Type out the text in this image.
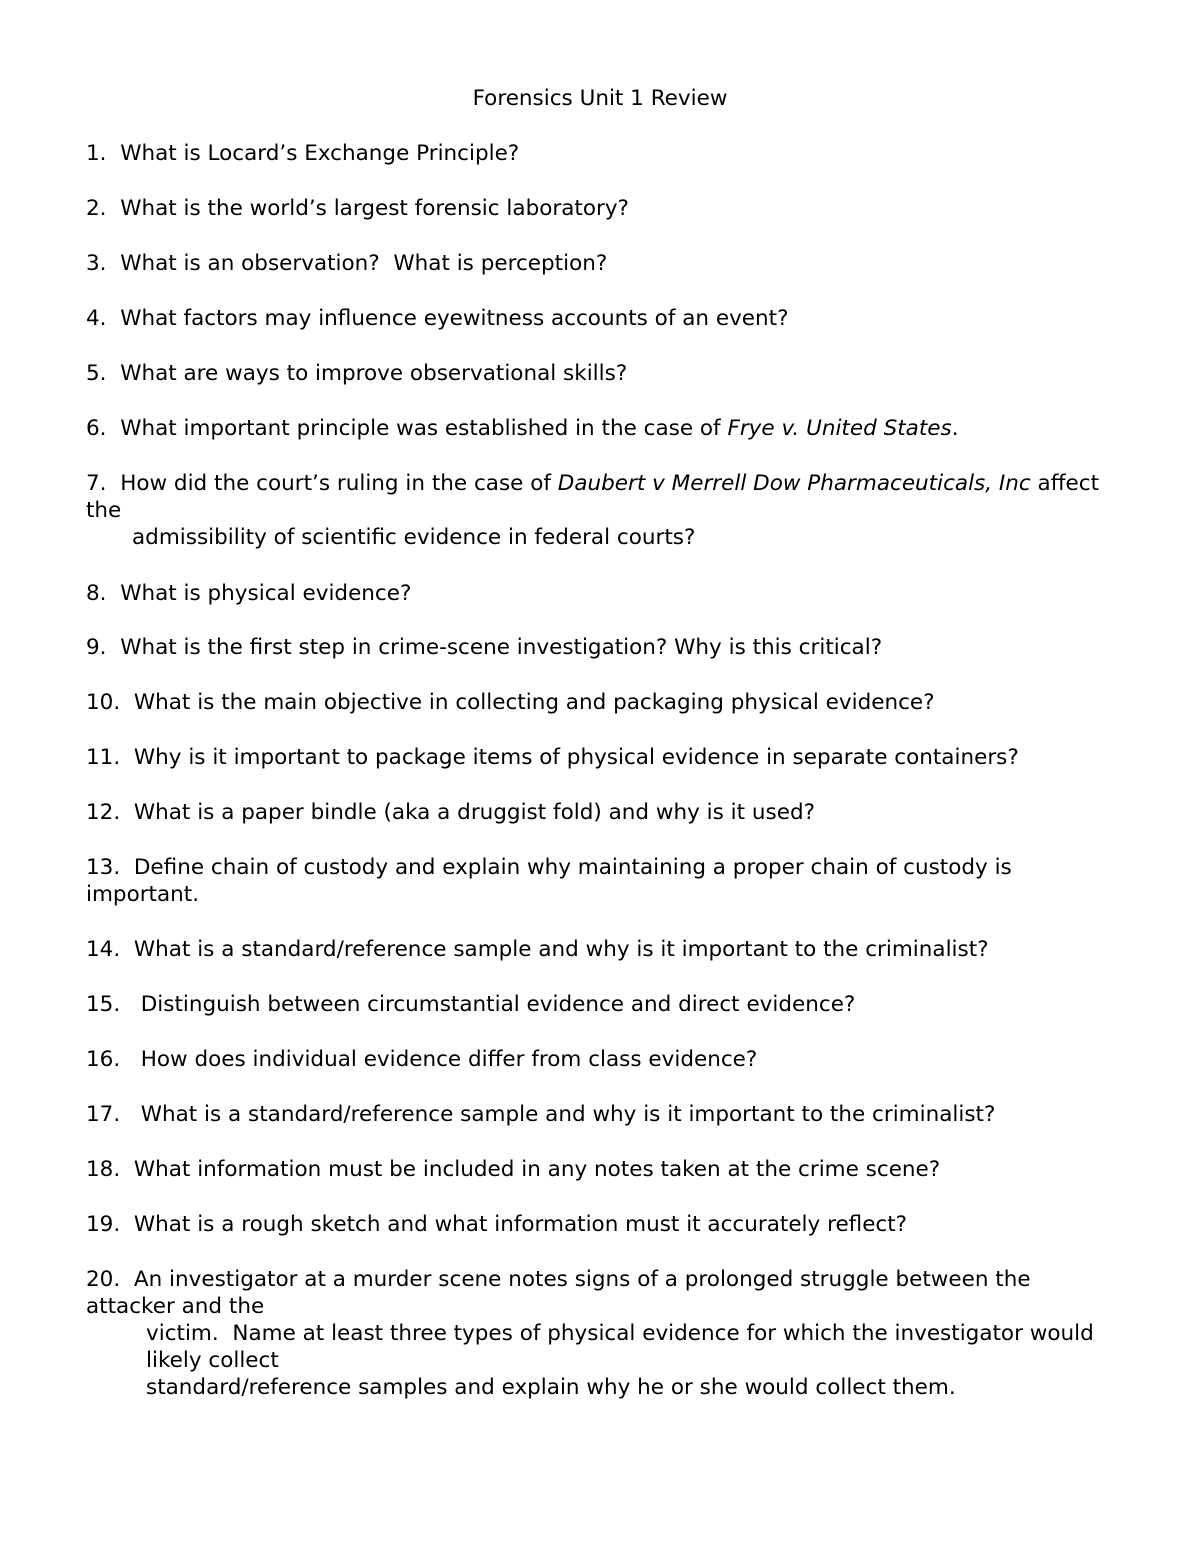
Forensics Unit 1 Review
1. What is Locard’s Exchange Principle?
2. What is the world’s largest forensic laboratory?
3. What is an observation?  What is perception?
4. What factors may influence eyewitness accounts of an event?
5. What are ways to improve observational skills?
6. What important principle was established in the case of Frye v. United States.
7. How did the court’s ruling in the case of Daubert v Merrell Dow Pharmaceuticals, Inc affect the
admissibility of scientific evidence in federal courts?
8. What is physical evidence?
9. What is the first step in crime-scene investigation? Why is this critical?
10. What is the main objective in collecting and packaging physical evidence?
11. Why is it important to package items of physical evidence in separate containers?
12. What is a paper bindle (aka a druggist fold) and why is it used?
13. Define chain of custody and explain why maintaining a proper chain of custody is important.
14. What is a standard/reference sample and why is it important to the criminalist?
15.   Distinguish between circumstantial evidence and direct evidence?
16.   How does individual evidence differ from class evidence?
17.   What is a standard/reference sample and why is it important to the criminalist?
18. What information must be included in any notes taken at the crime scene?
19. What is a rough sketch and what information must it accurately reflect?
20. An investigator at a murder scene notes signs of a prolonged struggle between the attacker and the
victim.  Name at least three types of physical evidence for which the investigator would likely collect
standard/reference samples and explain why he or she would collect them.
